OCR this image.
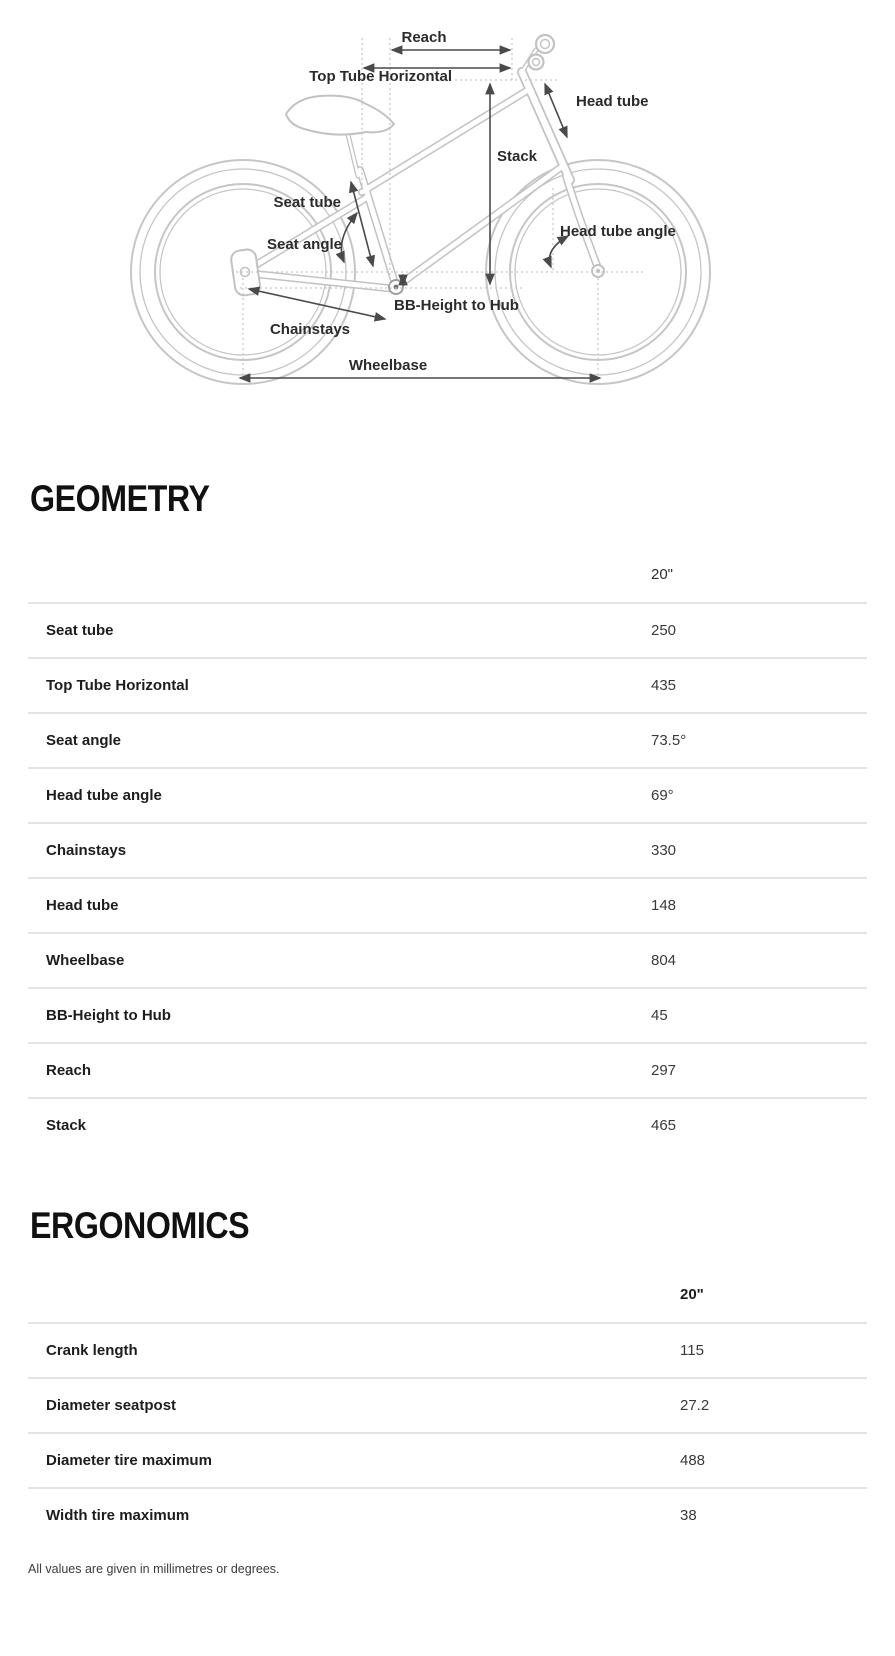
Reach
Top Tube Horizontal
Head tube
Stack
Seat tube
Seat angle
Head tube angle
BB-Height to Hub
Chainstays
Wheelbase
GEOMETRY
20"
Seat tube	250
Top Tube Horizontal	435
Seat angle	73.5°
Head tube angle	69°
Chainstays	330
Head tube	148
Wheelbase	804
BB-Height to Hub	45
Reach	297
Stack	465
ERGONOMICS
20"
Crank length	115
Diameter seatpost	27.2
Diameter tire maximum	488
Width tire maximum	38
All values are given in millimetres or degrees.
